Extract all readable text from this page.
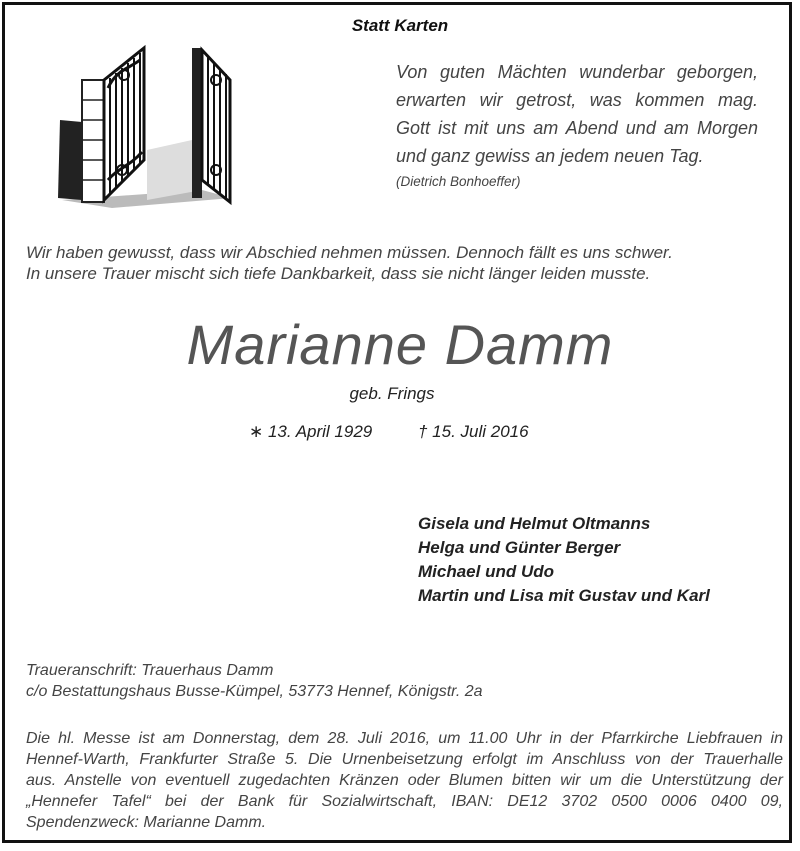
Statt Karten
Von guten Mächten wunderbar geborgen,
erwarten wir getrost, was kommen mag.
Gott ist mit uns am Abend und am Morgen
und ganz gewiss an jedem neuen Tag.
(Dietrich Bonhoeffer)
Wir haben gewusst, dass wir Abschied nehmen müssen. Dennoch fällt es uns schwer.
In unsere Trauer mischt sich tiefe Dankbarkeit, dass sie nicht länger leiden musste.
Marianne Damm
geb. Frings
∗ 13. April 1929	† 15. Juli 2016
Gisela und Helmut Oltmanns
Helga und Günter Berger
Michael und Udo
Martin und Lisa mit Gustav und Karl
Traueranschrift: Trauerhaus Damm
c/o Bestattungshaus Busse-Kümpel, 53773 Hennef, Königstr. 2a
Die hl. Messe ist am Donnerstag, dem 28. Juli 2016, um 11.00 Uhr in der Pfarrkirche Liebfrauen in
Hennef-Warth, Frankfurter Straße 5. Die Urnenbeisetzung erfolgt im Anschluss von der Trauerhalle
aus. Anstelle von eventuell zugedachten Kränzen oder Blumen bitten wir um die Unterstützung der
„Hennefer Tafel“ bei der Bank für Sozialwirtschaft, IBAN: DE12 3702 0500 0006 0400 09,
Spendenzweck: Marianne Damm.
